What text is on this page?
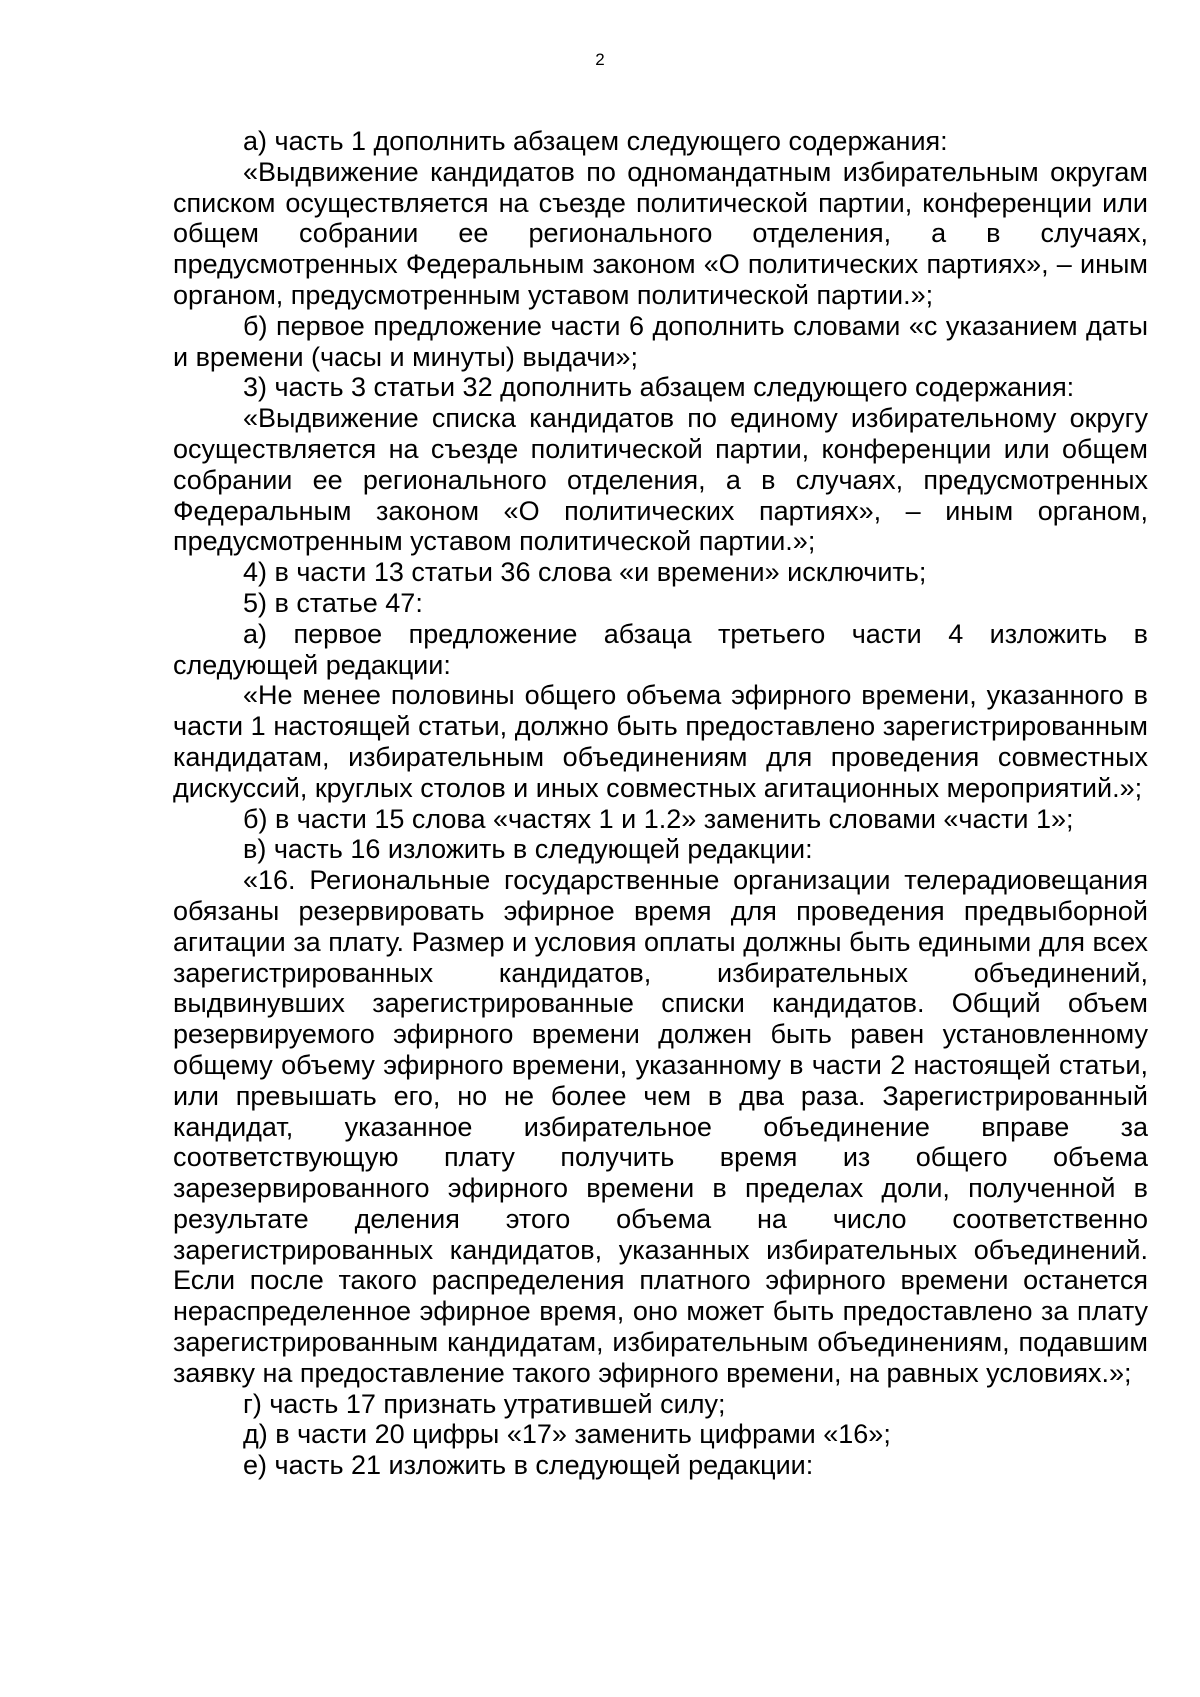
2

а) часть 1 дополнить абзацем следующего содержания:

«Выдвижение кандидатов по одномандатным избирательным округам списком осуществляется на съезде политической партии, конференции или общем собрании ее регионального отделения, а в случаях, предусмотренных Федеральным законом «О политических партиях», – иным органом, предусмотренным уставом политической партии.»;

б) первое предложение части 6 дополнить словами «с указанием даты и времени (часы и минуты) выдачи»;

3) часть 3 статьи 32 дополнить абзацем следующего содержания:

«Выдвижение списка кандидатов по единому избирательному округу осуществляется на съезде политической партии, конференции или общем собрании ее регионального отделения, а в случаях, предусмотренных Федеральным законом «О политических партиях», – иным органом, предусмотренным уставом политической партии.»;

4) в части 13 статьи 36 слова «и времени» исключить;

5) в статье 47:

а) первое предложение абзаца третьего части 4 изложить в следующей редакции:

«Не менее половины общего объема эфирного времени, указанного в части 1 настоящей статьи, должно быть предоставлено зарегистрированным кандидатам, избирательным объединениям для проведения совместных дискуссий, круглых столов и иных совместных агитационных мероприятий.»;

б) в части 15 слова «частях 1 и 1.2» заменить словами «части 1»;

в) часть 16 изложить в следующей редакции:

«16. Региональные государственные организации телерадиовещания обязаны резервировать эфирное время для проведения предвыборной агитации за плату. Размер и условия оплаты должны быть едиными для всех зарегистрированных кандидатов, избирательных объединений, выдвинувших зарегистрированные списки кандидатов. Общий объем резервируемого эфирного времени должен быть равен установленному общему объему эфирного времени, указанному в части 2 настоящей статьи, или превышать его, но не более чем в два раза. Зарегистрированный кандидат, указанное избирательное объединение вправе за соответствующую плату получить время из общего объема зарезервированного эфирного времени в пределах доли, полученной в результате деления этого объема на число соответственно зарегистрированных кандидатов, указанных избирательных объединений. Если после такого распределения платного эфирного времени останется нераспределенное эфирное время, оно может быть предоставлено за плату зарегистрированным кандидатам, избирательным объединениям, подавшим заявку на предоставление такого эфирного времени, на равных условиях.»;

г) часть 17 признать утратившей силу;

д) в части 20 цифры «17» заменить цифрами «16»;

е) часть 21 изложить в следующей редакции:
